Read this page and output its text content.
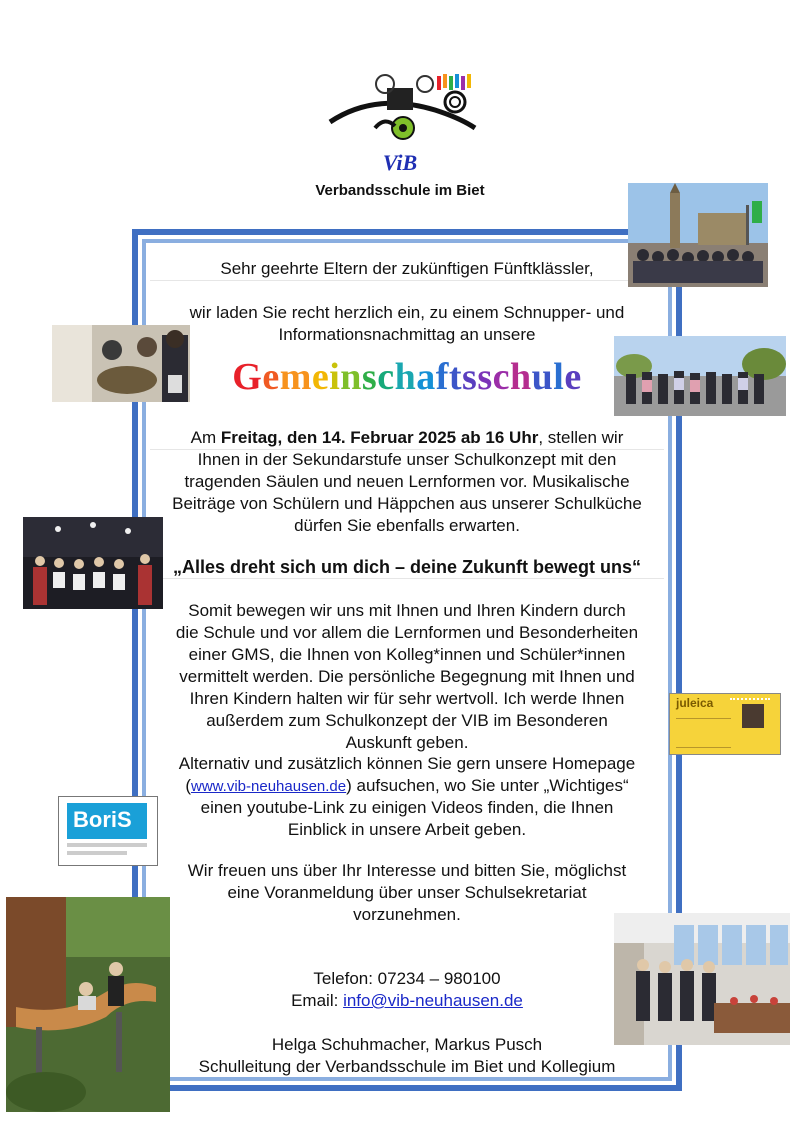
ViB
Verbandsschule im Biet
Sehr geehrte Eltern der zukünftigen Fünftklässler,
wir laden Sie recht herzlich ein, zu einem Schnupper- und
Informationsnachmittag an unsere
Gemeinschaftsschule
Am Freitag, den 14. Februar 2025 ab 16 Uhr, stellen wir
Ihnen in der Sekundarstufe unser Schulkonzept mit den
tragenden Säulen und neuen Lernformen vor. Musikalische
Beiträge von Schülern und Häppchen aus unserer Schulküche
dürfen Sie ebenfalls erwarten.
„Alles dreht sich um dich – deine Zukunft bewegt uns“
Somit bewegen wir uns mit Ihnen und Ihren Kindern durch
die Schule und vor allem die Lernformen und Besonderheiten
einer GMS, die Ihnen von Kolleg*innen und Schüler*innen
vermittelt werden. Die persönliche Begegnung mit Ihnen und
Ihren Kindern halten wir für sehr wertvoll. Ich werde Ihnen
außerdem zum Schulkonzept der VIB im Besonderen
Auskunft geben.
Alternativ und zusätzlich können Sie gern unsere Homepage
(www.vib-neuhausen.de) aufsuchen, wo Sie unter „Wichtiges“
einen youtube-Link zu einigen Videos finden, die Ihnen
Einblick in unsere Arbeit geben.
Wir freuen uns über Ihr Interesse und bitten Sie, möglichst
eine Voranmeldung über unser Schulsekretariat
vorzunehmen.
Telefon: 07234 – 980100
Email: info@vib-neuhausen.de
Helga Schuhmacher, Markus Pusch
Schulleitung der Verbandsschule im Biet und Kollegium
juleica
BoriS
